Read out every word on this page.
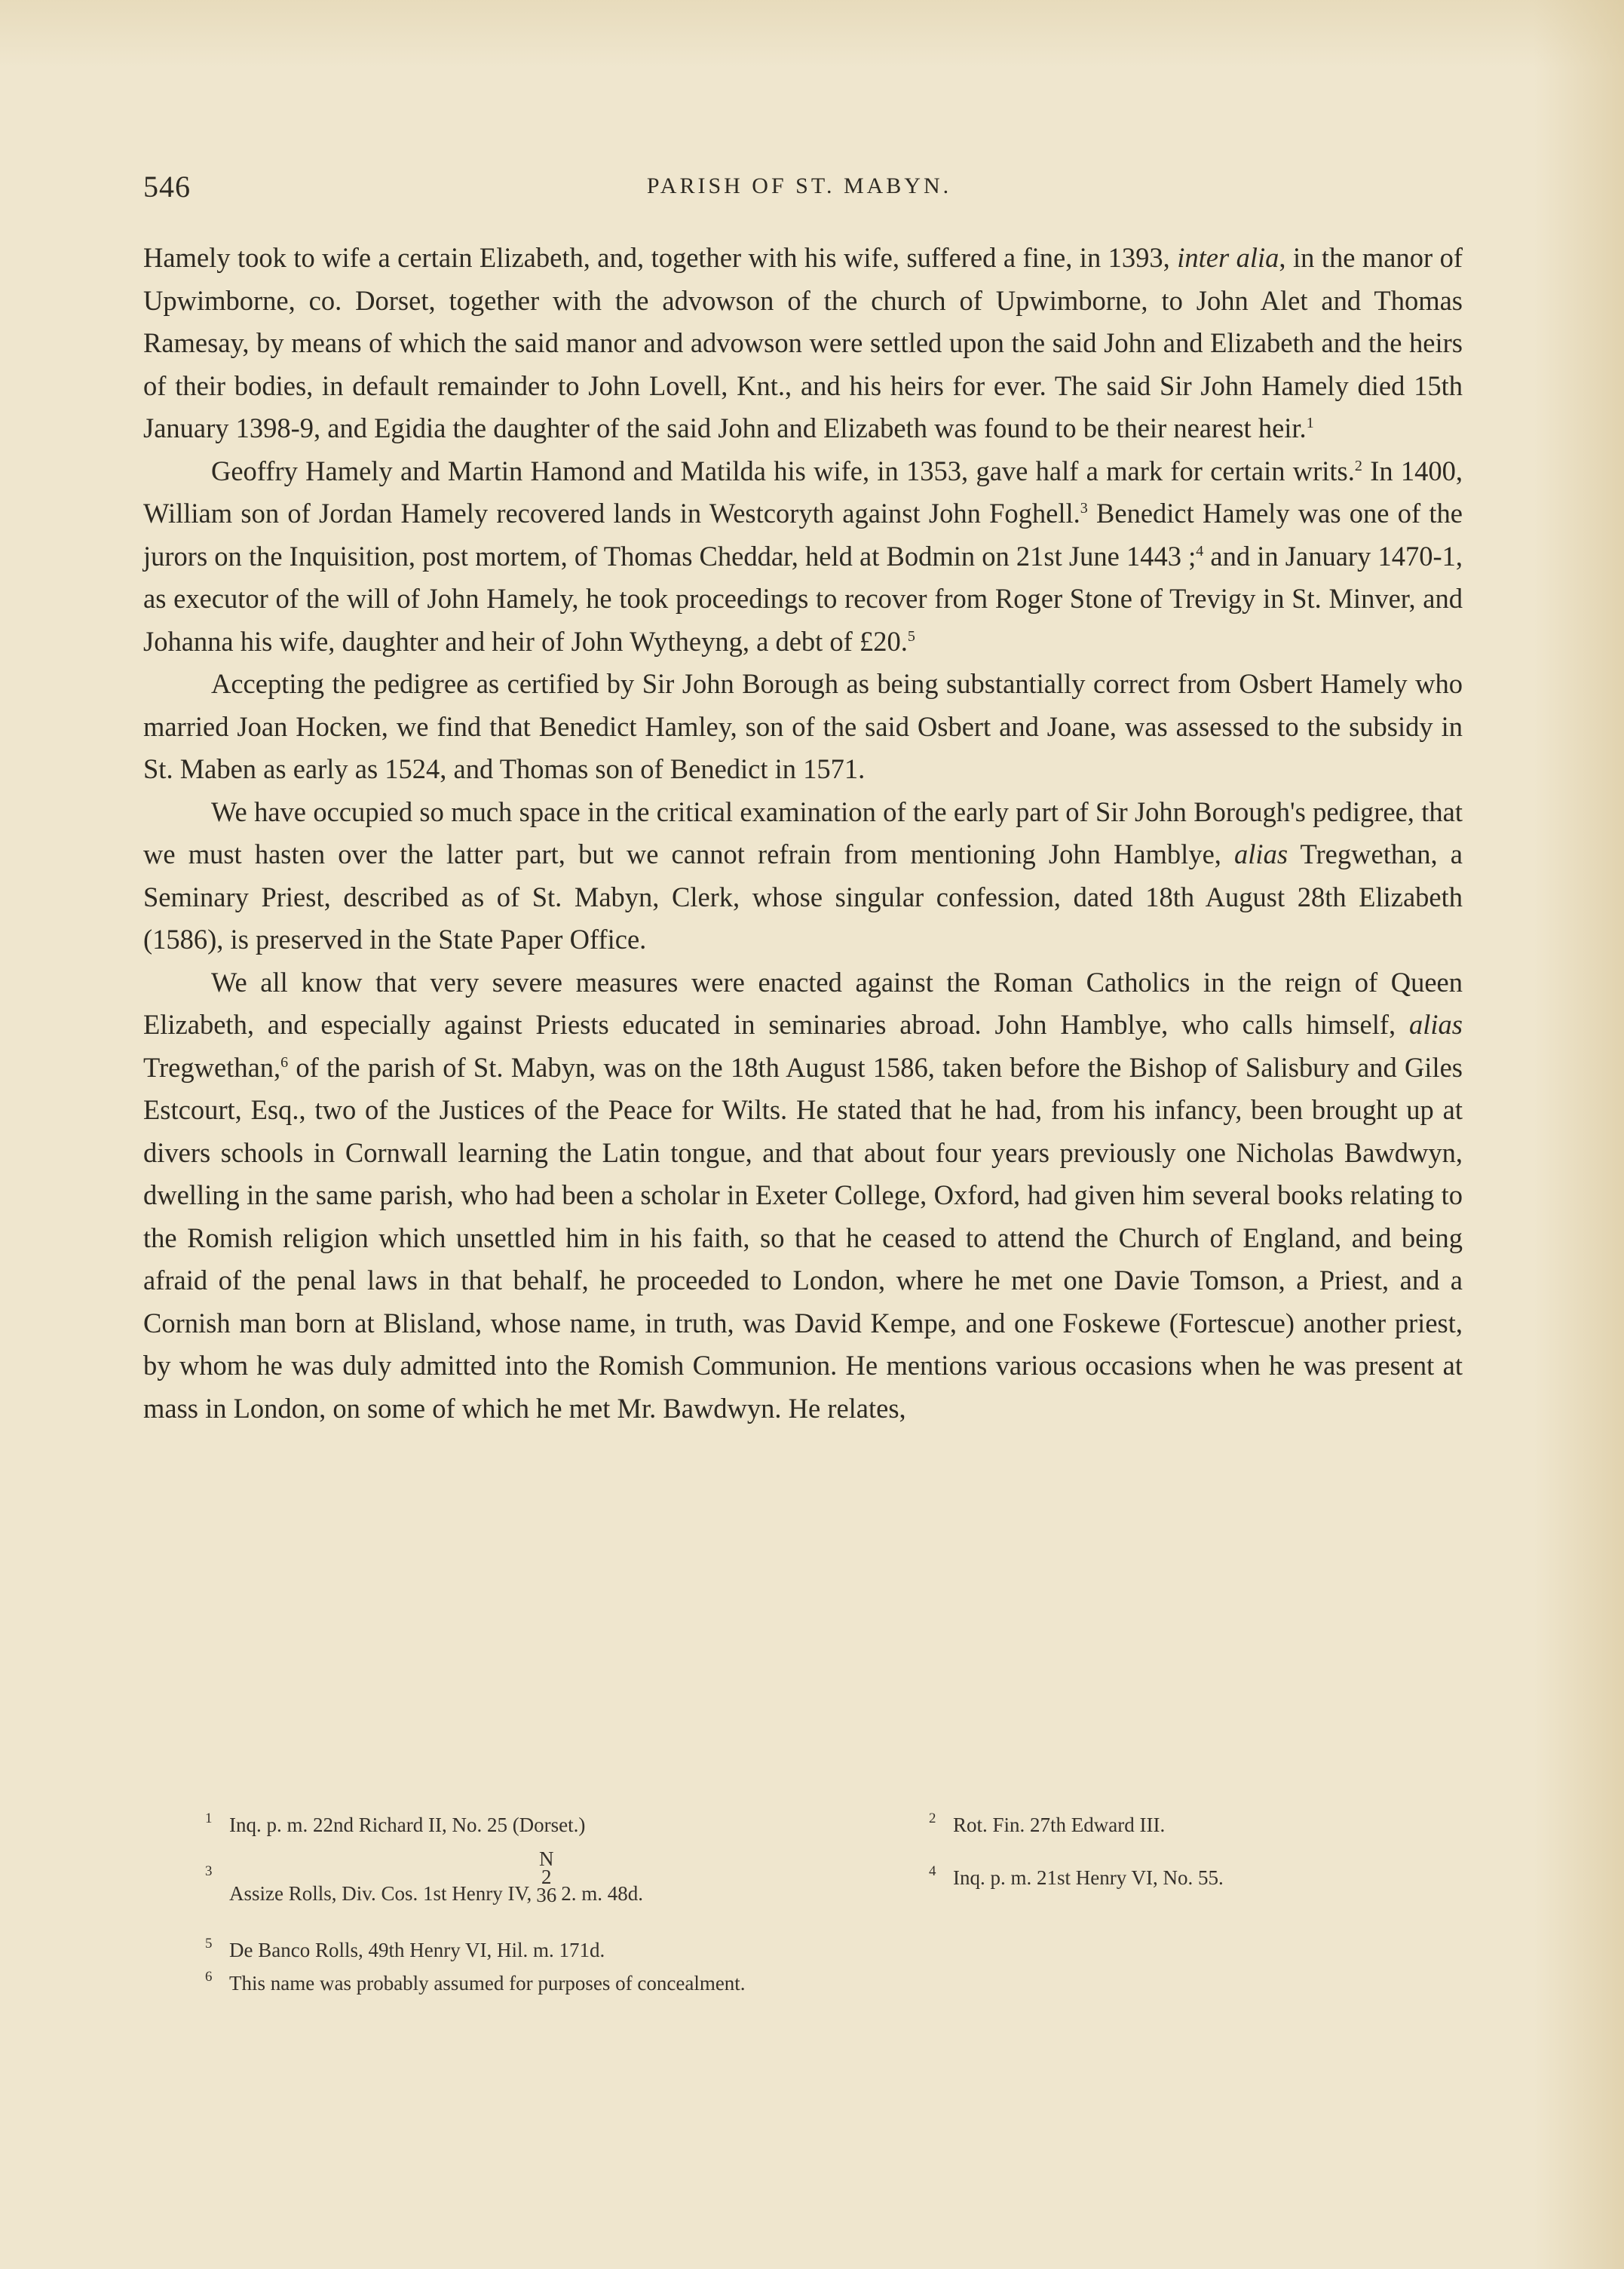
546	PARISH OF ST. MABYN.

Hamely took to wife a certain Elizabeth, and, together with his wife, suffered a fine, in 1393, inter alia, in the manor of Upwimborne, co. Dorset, together with the advowson of the church of Upwimborne, to John Alet and Thomas Ramesay, by means of which the said manor and advowson were settled upon the said John and Elizabeth and the heirs of their bodies, in default remainder to John Lovell, Knt., and his heirs for ever. The said Sir John Hamely died 15th January 1398-9, and Egidia the daughter of the said John and Elizabeth was found to be their nearest heir.$^1$

Geoffry Hamely and Martin Hamond and Matilda his wife, in 1353, gave half a mark for certain writs.$^2$ In 1400, William son of Jordan Hamely recovered lands in Westcoryth against John Foghell.$^3$ Benedict Hamely was one of the jurors on the Inquisition, post mortem, of Thomas Cheddar, held at Bodmin on 21st June 1443 ;$^4$ and in January 1470-1, as executor of the will of John Hamely, he took proceedings to recover from Roger Stone of Trevigy in St. Minver, and Johanna his wife, daughter and heir of John Wytheyng, a debt of £20.$^5$

Accepting the pedigree as certified by Sir John Borough as being substantially correct from Osbert Hamely who married Joan Hocken, we find that Benedict Hamley, son of the said Osbert and Joane, was assessed to the subsidy in St. Maben as early as 1524, and Thomas son of Benedict in 1571.

We have occupied so much space in the critical examination of the early part of Sir John Borough's pedigree, that we must hasten over the latter part, but we cannot refrain from mentioning John Hamblye, alias Tregwethan, a Seminary Priest, described as of St. Mabyn, Clerk, whose singular confession, dated 18th August 28th Elizabeth (1586), is preserved in the State Paper Office.

We all know that very severe measures were enacted against the Roman Catholics in the reign of Queen Elizabeth, and especially against Priests educated in seminaries abroad. John Hamblye, who calls himself, alias Tregwethan,$^6$ of the parish of St. Mabyn, was on the 18th August 1586, taken before the Bishop of Salisbury and Giles Estcourt, Esq., two of the Justices of the Peace for Wilts. He stated that he had, from his infancy, been brought up at divers schools in Cornwall learning the Latin tongue, and that about four years previously one Nicholas Bawdwyn, dwelling in the same parish, who had been a scholar in Exeter College, Oxford, had given him several books relating to the Romish religion which unsettled him in his faith, so that he ceased to attend the Church of England, and being afraid of the penal laws in that behalf, he proceeded to London, where he met one Davie Tomson, a Priest, and a Cornish man born at Blisland, whose name, in truth, was David Kempe, and one Foskewe (Fortescue) another priest, by whom he was duly admitted into the Romish Communion. He mentions various occasions when he was present at mass in London, on some of which he met Mr. Bawdwyn. He relates,

1 Inq. p. m. 22nd Richard II, No. 25 (Dorset.)	2 Rot. Fin. 27th Edward III.
3
Assize Rolls, Div. Cos. 1st Henry IV,
N
2
36 2. m. 48d.
4 Inq. p. m. 21st Henry VI, No. 55.
5 De Banco Rolls, 49th Henry VI, Hil. m. 171d.
6 This name was probably assumed for purposes of concealment.
